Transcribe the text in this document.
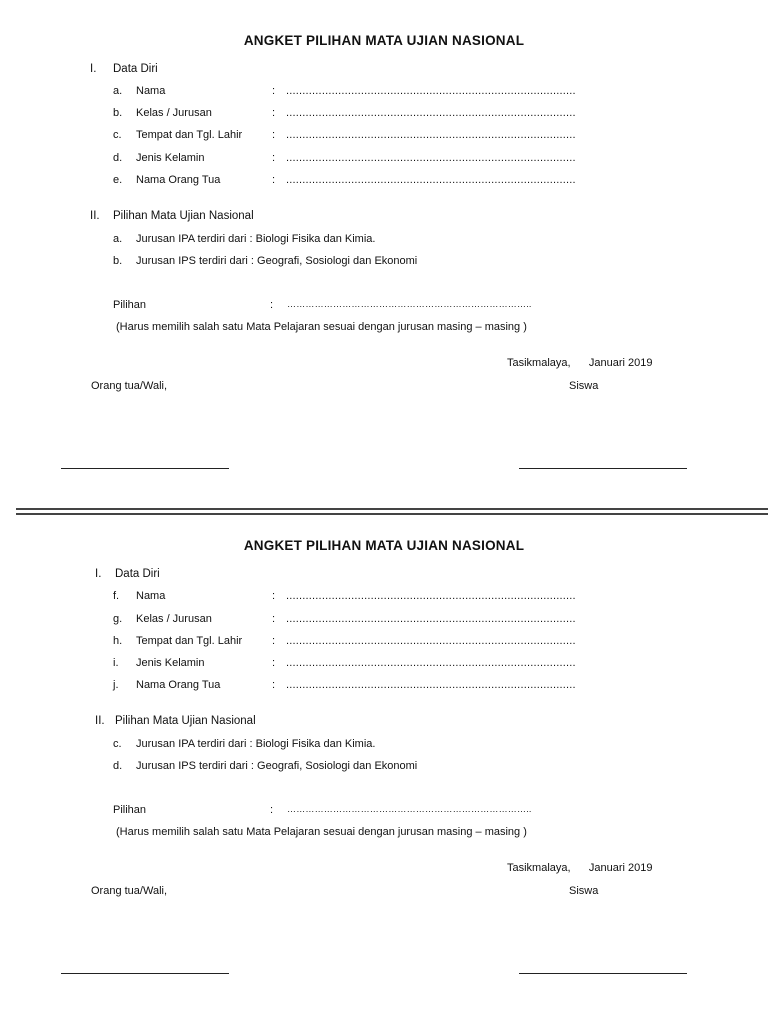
ANGKET PILIHAN MATA UJIAN NASIONAL
I. Data Diri
a. Nama	: .........................................................................................
b. Kelas / Jurusan	: .........................................................................................
c. Tempat dan Tgl. Lahir	: .........................................................................................
d. Jenis Kelamin	: .........................................................................................
e. Nama Orang Tua	: .........................................................................................
II. Pilihan Mata Ujian Nasional
a. Jurusan IPA terdiri dari : Biologi Fisika dan Kimia.
b. Jurusan IPS terdiri dari : Geografi, Sosiologi dan Ekonomi
Pilihan	: ……………………………………………………………………..
(Harus memilih salah satu Mata Pelajaran sesuai dengan jurusan masing – masing )
Tasikmalaya,      Januari 2019
Orang tua/Wali,	Siswa
ANGKET PILIHAN MATA UJIAN NASIONAL
I. Data Diri
f. Nama	: .........................................................................................
g. Kelas / Jurusan	: .........................................................................................
h. Tempat dan Tgl. Lahir	: .........................................................................................
i. Jenis Kelamin	: .........................................................................................
j. Nama Orang Tua	: .........................................................................................
II. Pilihan Mata Ujian Nasional
c. Jurusan IPA terdiri dari : Biologi Fisika dan Kimia.
d. Jurusan IPS terdiri dari : Geografi, Sosiologi dan Ekonomi
Pilihan	: ……………………………………………………………………..
(Harus memilih salah satu Mata Pelajaran sesuai dengan jurusan masing – masing )
Tasikmalaya,      Januari 2019
Orang tua/Wali,	Siswa
